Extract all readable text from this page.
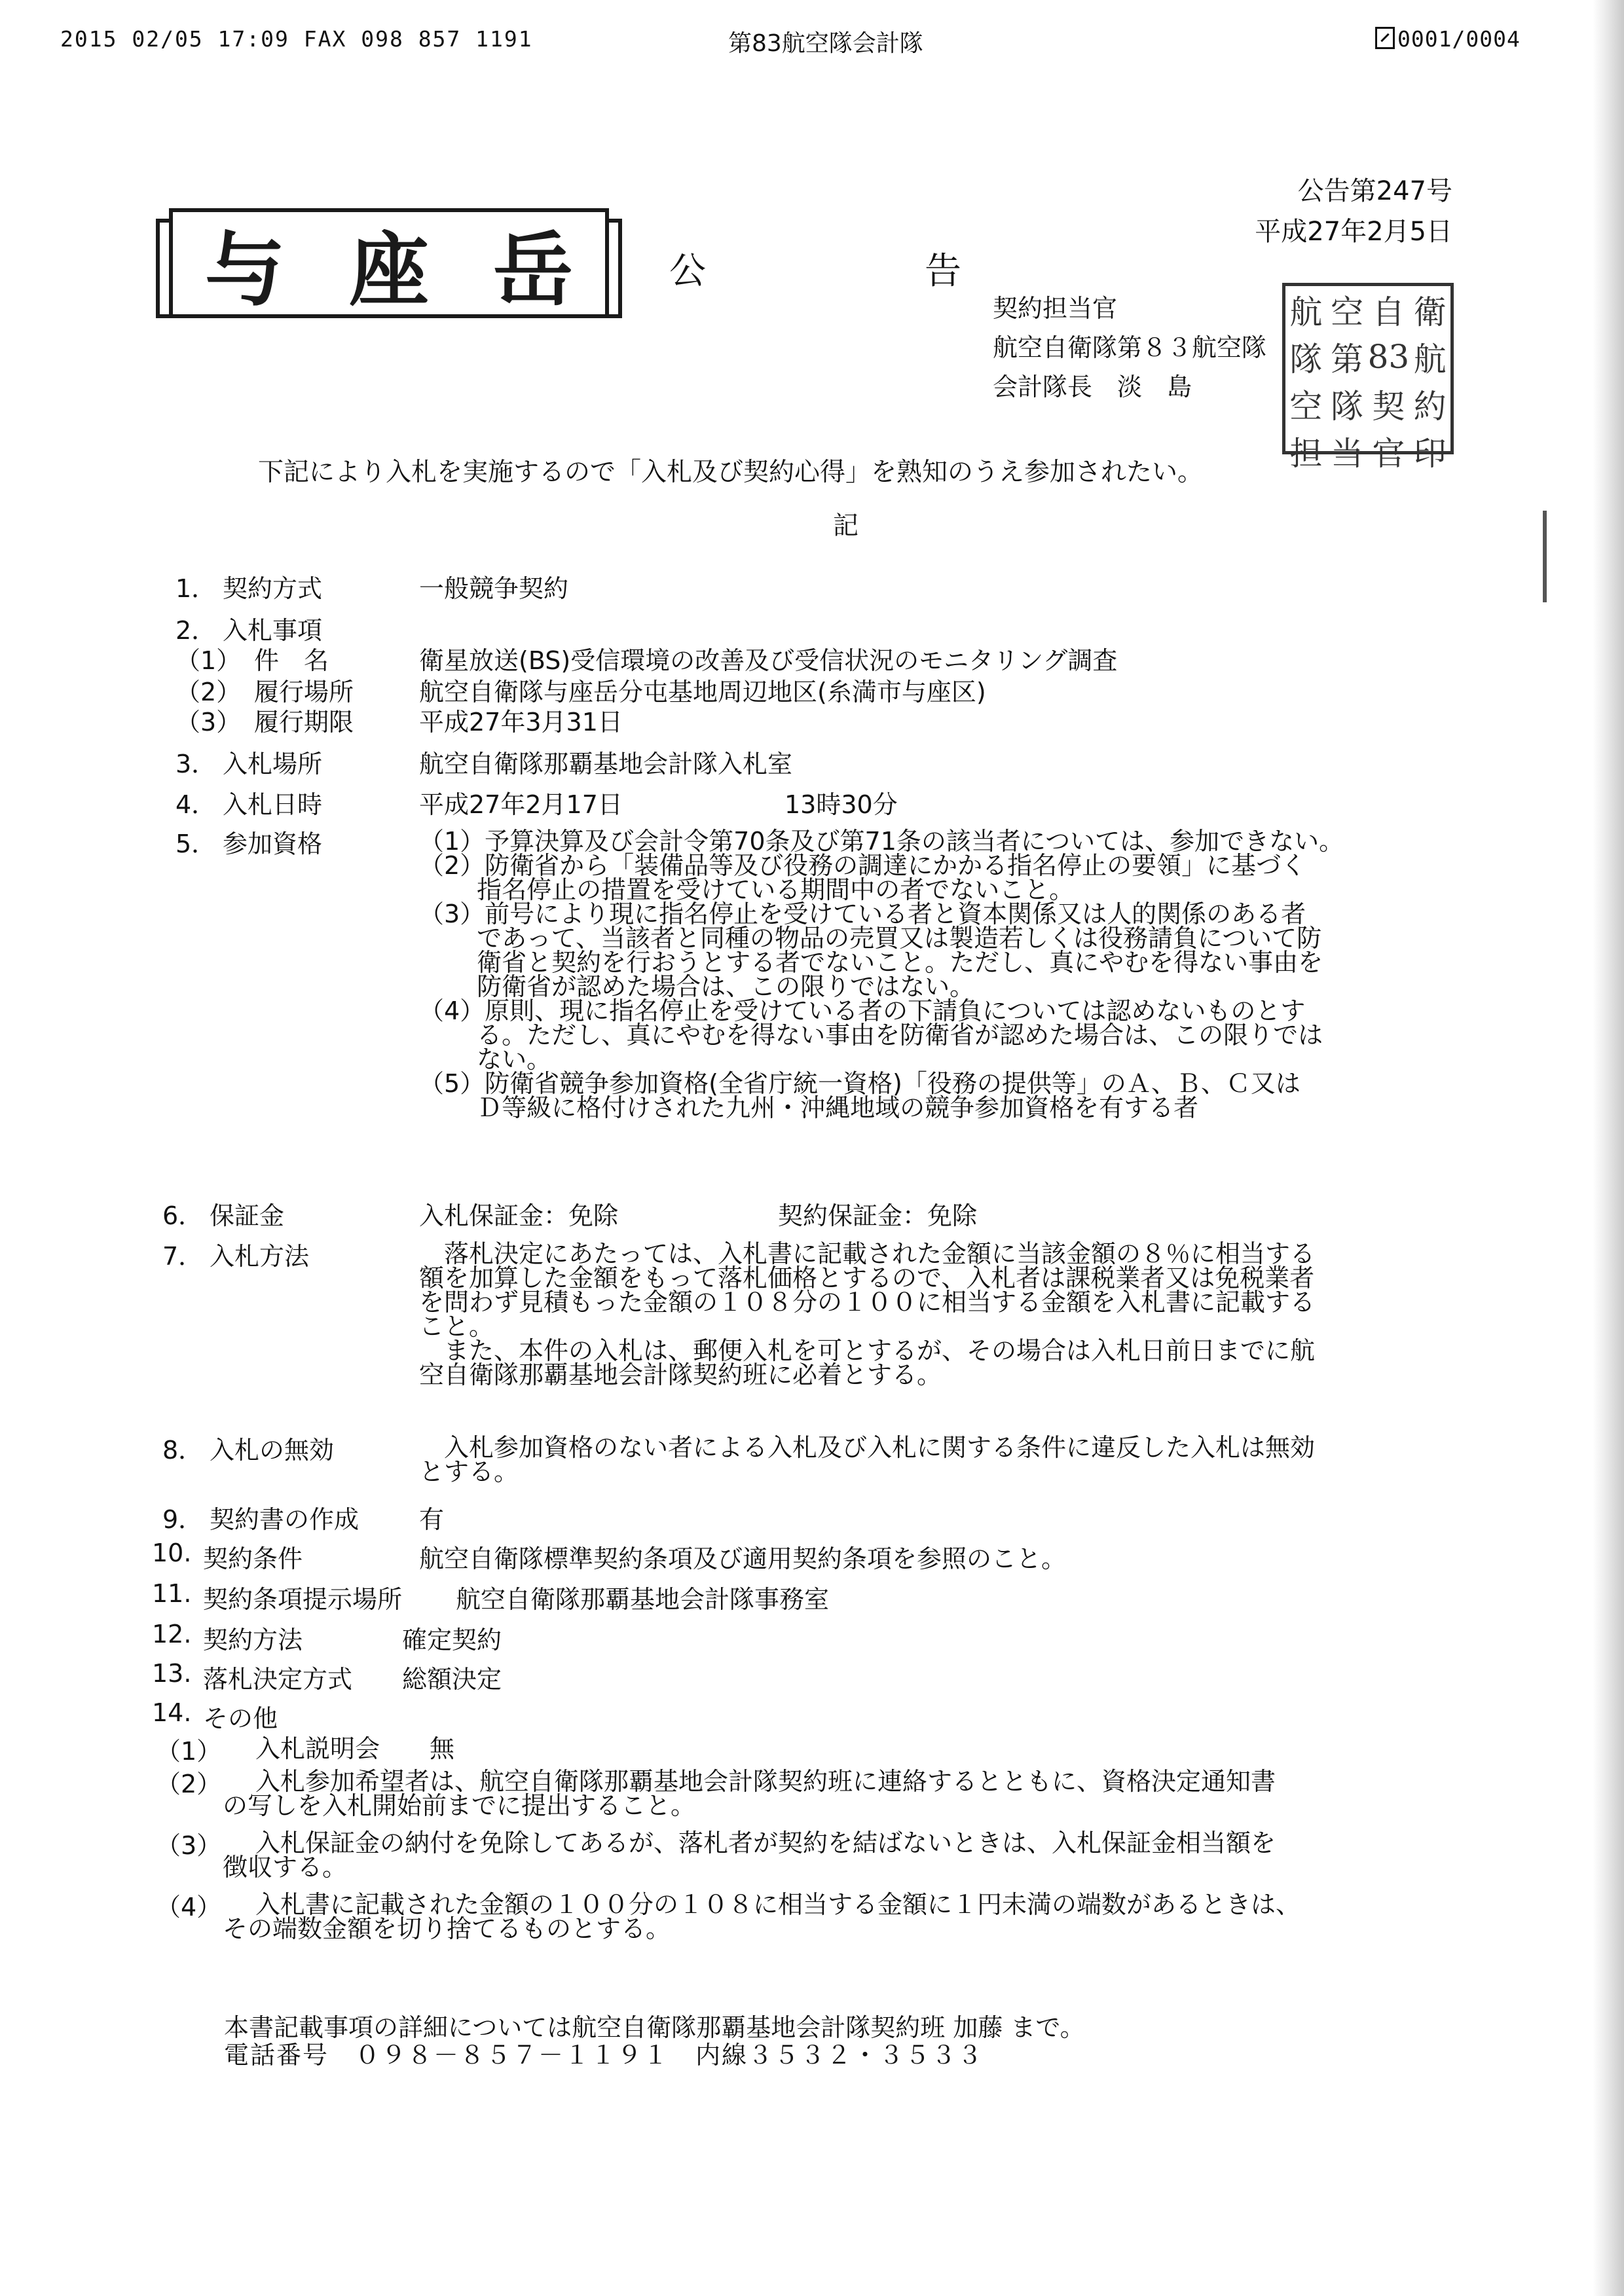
2015 02/05 17:09 FAX 098 857 1191	第83航空隊会計隊	0001/0004
公告第247号
平成27年2月5日
与 座 岳	公	告
契約担当官
航空自衛隊第８３航空隊
会計隊長　淡　島　　　　
航 空 自 衛
隊 第 83 航
空 隊 契 約
担 当 官 印
下記により入札を実施するので「入札及び契約心得」を熟知のうえ参加されたい。
記
1． 契約方式	一般競争契約
2． 入札事項
（1） 件　名	衛星放送(BS)受信環境の改善及び受信状況のモニタリング調査
（2） 履行場所	航空自衛隊与座岳分屯基地周辺地区(糸満市与座区)
（3） 履行期限	平成27年3月31日
3． 入札場所	航空自衛隊那覇基地会計隊入札室
4． 入札日時	平成27年2月17日	13時30分
5． 参加資格	（1）予算決算及び会計令第70条及び第71条の該当者については、参加できない。
（2）防衛省から「装備品等及び役務の調達にかかる指名停止の要領」に基づく
　　 指名停止の措置を受けている期間中の者でないこと。
（3）前号により現に指名停止を受けている者と資本関係又は人的関係のある者
　　 であって、当該者と同種の物品の売買又は製造若しくは役務請負について防
　　 衛省と契約を行おうとする者でないこと。ただし、真にやむを得ない事由を
　　 防衛省が認めた場合は、この限りではない。
（4）原則、現に指名停止を受けている者の下請負については認めないものとす
　　 る。ただし、真にやむを得ない事由を防衛省が認めた場合は、この限りでは
　　 ない。
（5）防衛省競争参加資格(全省庁統一資格)「役務の提供等」のＡ、Ｂ、Ｃ又は
　　 Ｄ等級に格付けされた九州・沖縄地域の競争参加資格を有する者
6． 保証金	入札保証金：免除	契約保証金：免除
7． 入札方法	　落札決定にあたっては、入札書に記載された金額に当該金額の８％に相当する
額を加算した金額をもって落札価格とするので、入札者は課税業者又は免税業者
を問わず見積もった金額の１０８分の１００に相当する金額を入札書に記載する
こと。
　また、本件の入札は、郵便入札を可とするが、その場合は入札日前日までに航
空自衛隊那覇基地会計隊契約班に必着とする。
8． 入札の無効	　入札参加資格のない者による入札及び入札に関する条件に違反した入札は無効
とする。
9． 契約書の作成 有
10. 契約条件	航空自衛隊標準契約条項及び適用契約条項を参照のこと。
11. 契約条項提示場所 航空自衛隊那覇基地会計隊事務室
12. 契約方法	確定契約
13. 落札決定方式 総額決定
14. その他
（1） 入札説明会　　無
（2）	入札参加希望者は、航空自衛隊那覇基地会計隊契約班に連絡するとともに、資格決定通知書
の写しを入札開始前までに提出すること。
（3）	入札保証金の納付を免除してあるが、落札者が契約を結ばないときは、入札保証金相当額を
徴収する。
（4）	入札書に記載された金額の１００分の１０８に相当する金額に１円未満の端数があるときは、
その端数金額を切り捨てるものとする。
本書記載事項の詳細については航空自衛隊那覇基地会計隊契約班 加藤 まで。
電話番号　０９８－８５７－１１９１　内線３５３２・３５３３
